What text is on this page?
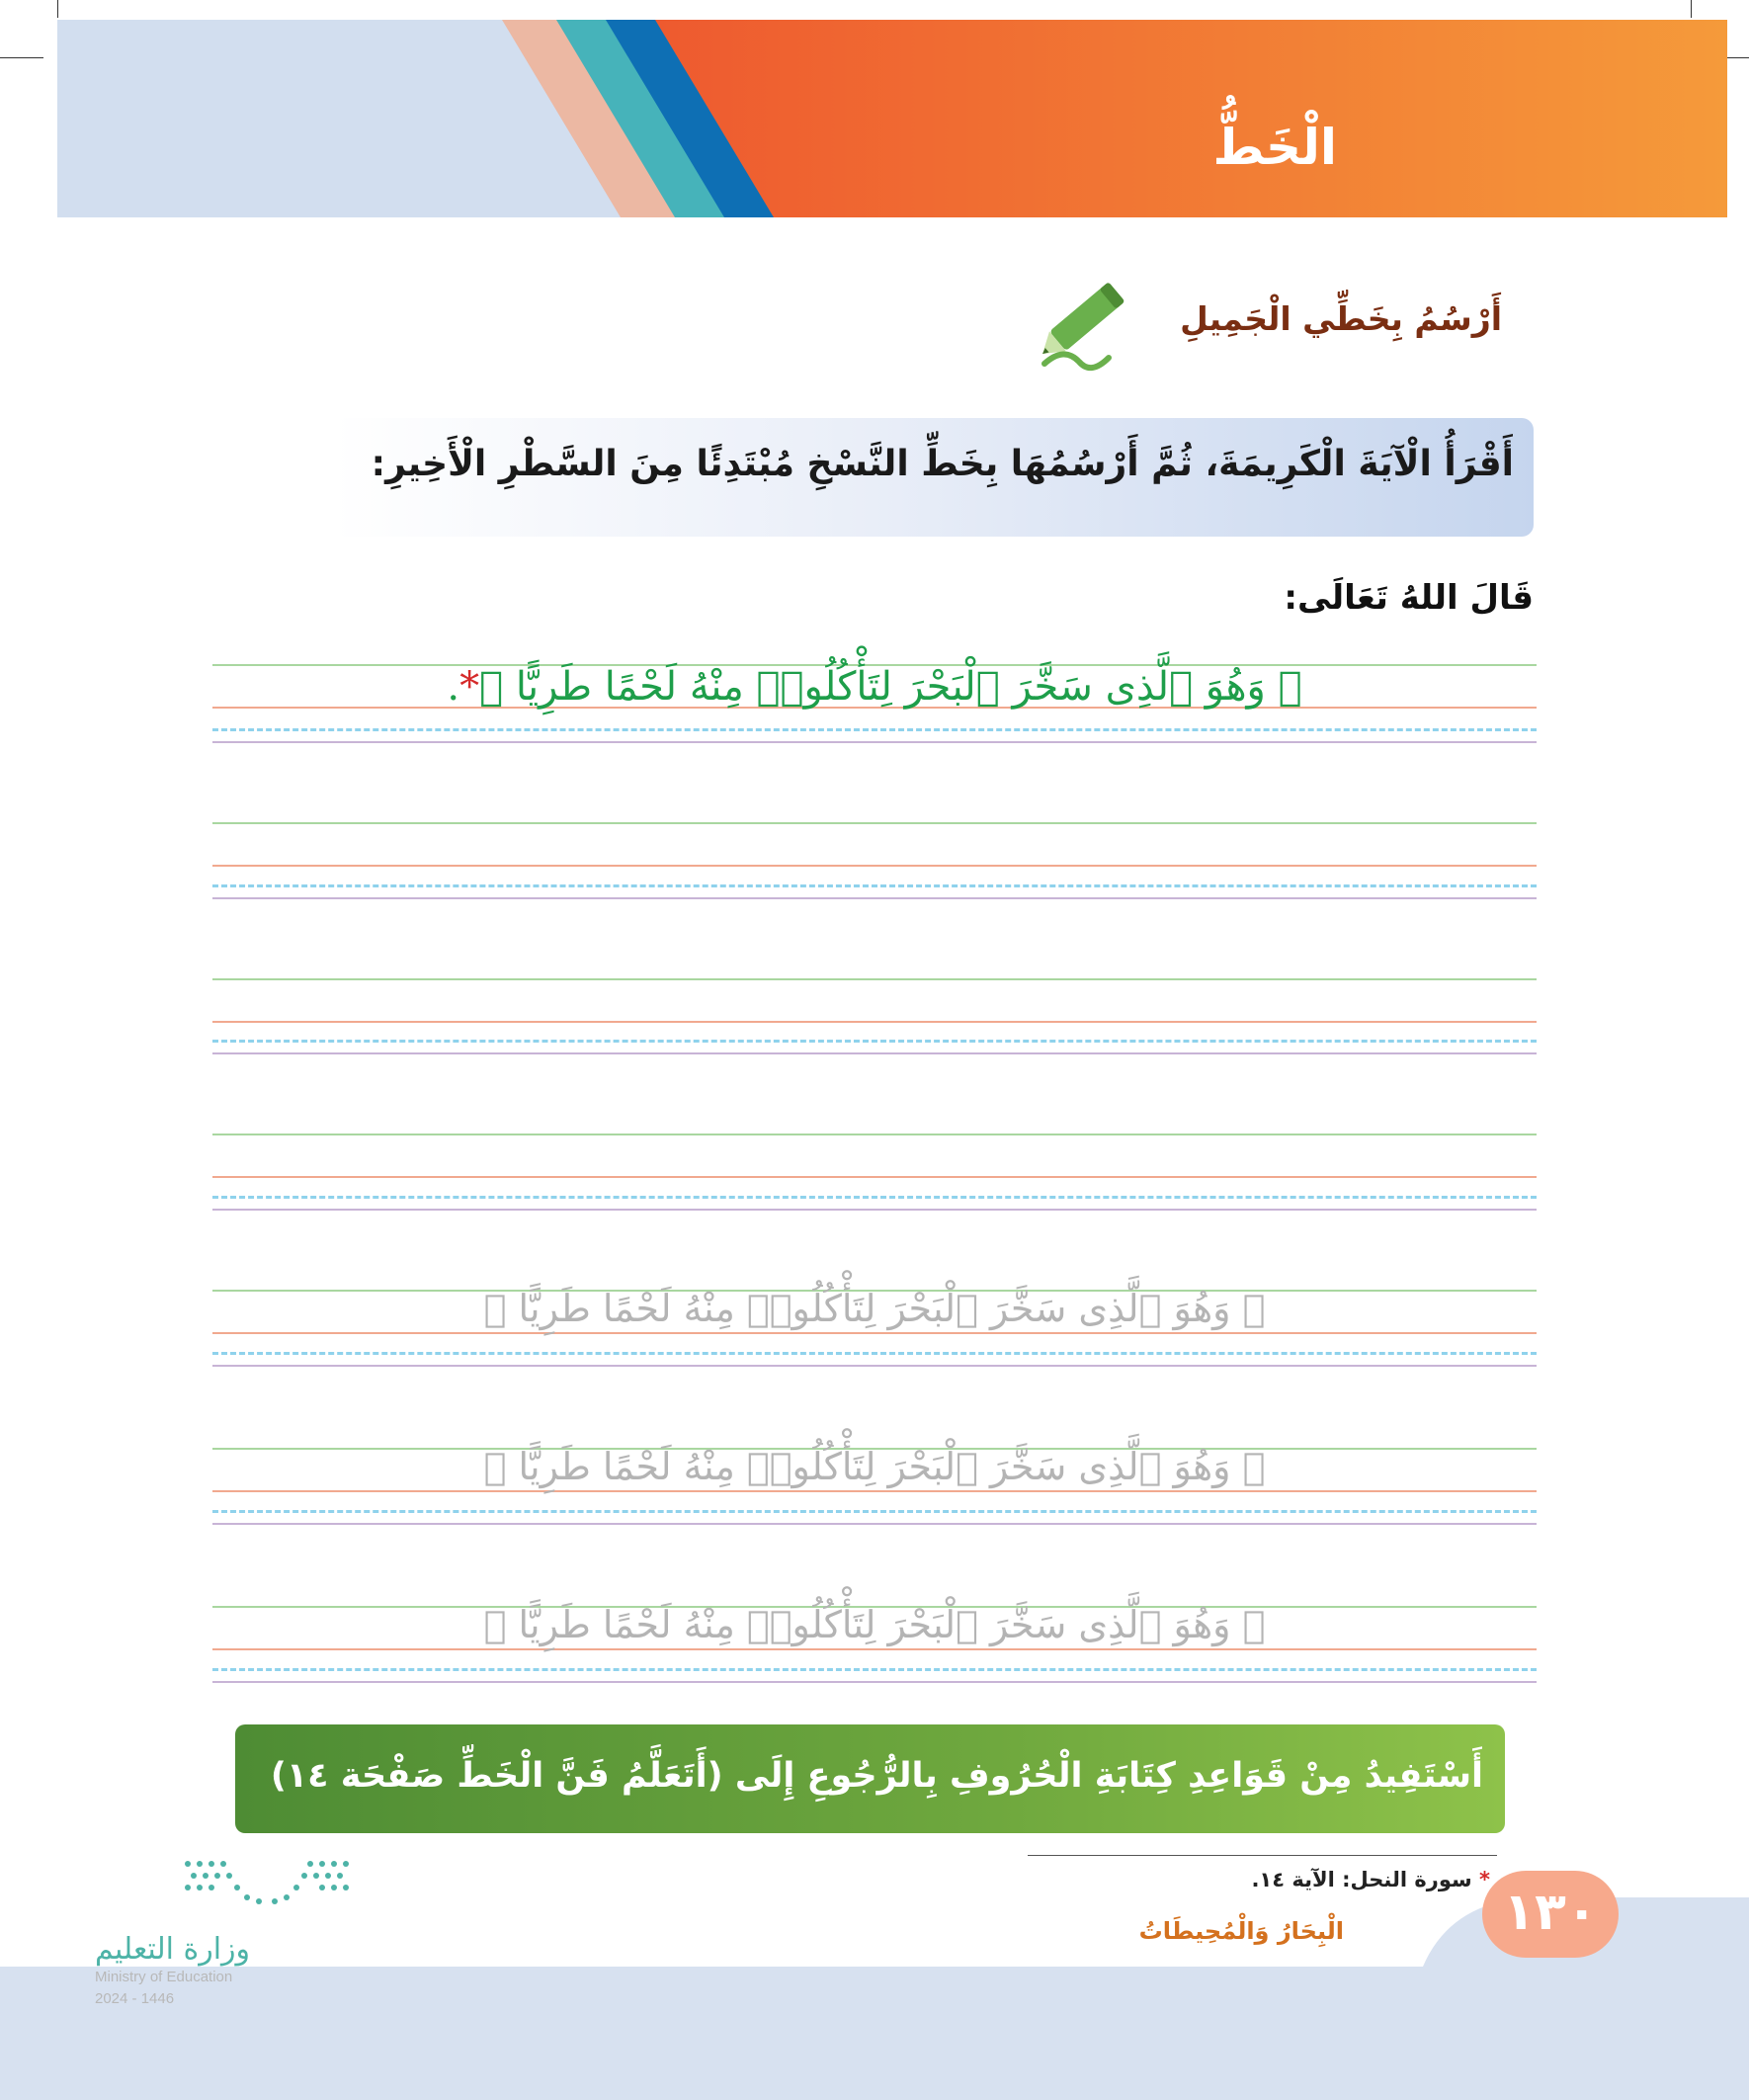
الْخَطُّ
أَرْسُمُ بِخَطِّي الْجَمِيلِ
أَقْرَأُ الْآيَةَ الْكَرِيمَةَ، ثُمَّ أَرْسُمُهَا بِخَطِّ النَّسْخِ مُبْتَدِئًا مِنَ السَّطْرِ الْأَخِيرِ:
قَالَ اللهُ تَعَالَى:
﴿ وَهُوَ ٱلَّذِى سَخَّرَ ٱلْبَحْرَ لِتَأْكُلُوا۟ مِنْهُ لَحْمًا طَرِيًّا ﴾*.
﴿ وَهُوَ ٱلَّذِى سَخَّرَ ٱلْبَحْرَ لِتَأْكُلُوا۟ مِنْهُ لَحْمًا طَرِيًّا ﴾
﴿ وَهُوَ ٱلَّذِى سَخَّرَ ٱلْبَحْرَ لِتَأْكُلُوا۟ مِنْهُ لَحْمًا طَرِيًّا ﴾
﴿ وَهُوَ ٱلَّذِى سَخَّرَ ٱلْبَحْرَ لِتَأْكُلُوا۟ مِنْهُ لَحْمًا طَرِيًّا ﴾
أَسْتَفِيدُ مِنْ قَوَاعِدِ كِتَابَةِ الْحُرُوفِ بِالرُّجُوعِ إِلَى (أَتَعَلَّمُ فَنَّ الْخَطِّ صَفْحَة ١٤)
* سورة النحل: الآية ١٤.
١٣٠
الْبِحَارُ وَالْمُحِيطَاتُ
وزارة التعليم
Ministry of Education
2024 - 1446
